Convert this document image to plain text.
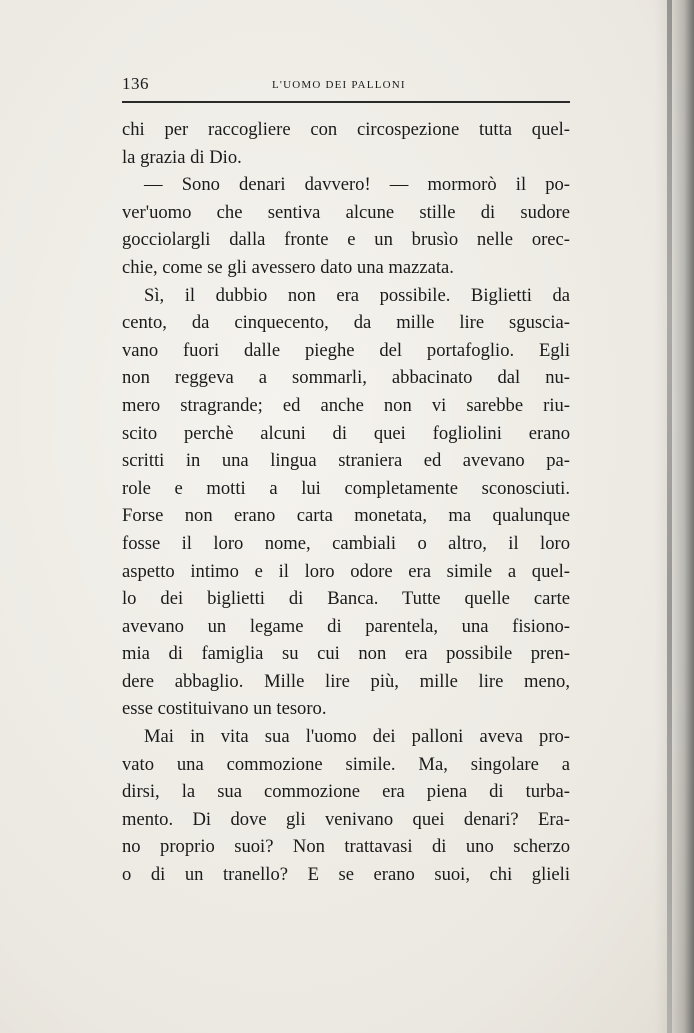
136	L'UOMO DEI PALLONI
chi per raccogliere con circospezione tutta quel-
la grazia di Dio.
— Sono denari davvero! — mormorò il po-
ver'uomo che sentiva alcune stille di sudore
gocciolargli dalla fronte e un brusìo nelle orec-
chie, come se gli avessero dato una mazzata.
Sì, il dubbio non era possibile. Biglietti da
cento, da cinquecento, da mille lire sguscia-
vano fuori dalle pieghe del portafoglio. Egli
non reggeva a sommarli, abbacinato dal nu-
mero stragrande; ed anche non vi sarebbe riu-
scito perchè alcuni di quei fogliolini erano
scritti in una lingua straniera ed avevano pa-
role e motti a lui completamente sconosciuti.
Forse non erano carta monetata, ma qualunque
fosse il loro nome, cambiali o altro, il loro
aspetto intimo e il loro odore era simile a quel-
lo dei biglietti di Banca. Tutte quelle carte
avevano un legame di parentela, una fisiono-
mia di famiglia su cui non era possibile pren-
dere abbaglio. Mille lire più, mille lire meno,
esse costituivano un tesoro.
Mai in vita sua l'uomo dei palloni aveva pro-
vato una commozione simile. Ma, singolare a
dirsi, la sua commozione era piena di turba-
mento. Di dove gli venivano quei denari? Era-
no proprio suoi? Non trattavasi di uno scherzo
o di un tranello? E se erano suoi, chi glieli
